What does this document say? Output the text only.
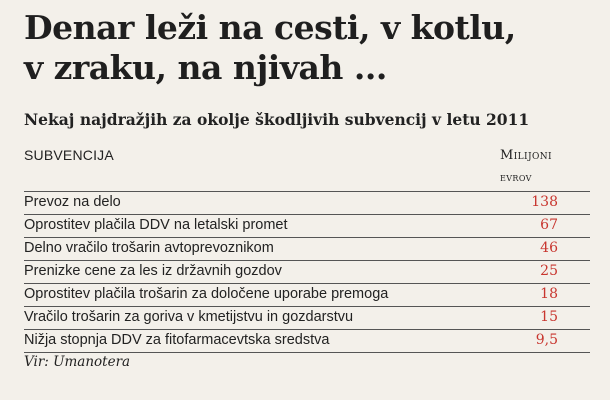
Denar leži na cesti, v kotlu,
v zraku, na njivah ...
Nekaj najdražjih za okolje škodljivih subvencij v letu 2011
SUBVENCIJA	Milijoni
evrov
Prevoz na delo	138
Oprostitev plačila DDV na letalski promet	67
Delno vračilo trošarin avtoprevoznikom	46
Prenizke cene za les iz državnih gozdov	25
Oprostitev plačila trošarin za določene uporabe premoga	18
Vračilo trošarin za goriva v kmetijstvu in gozdarstvu	15
Nižja stopnja DDV za fitofarmacevtska sredstva	9,5
Vir: Umanotera
